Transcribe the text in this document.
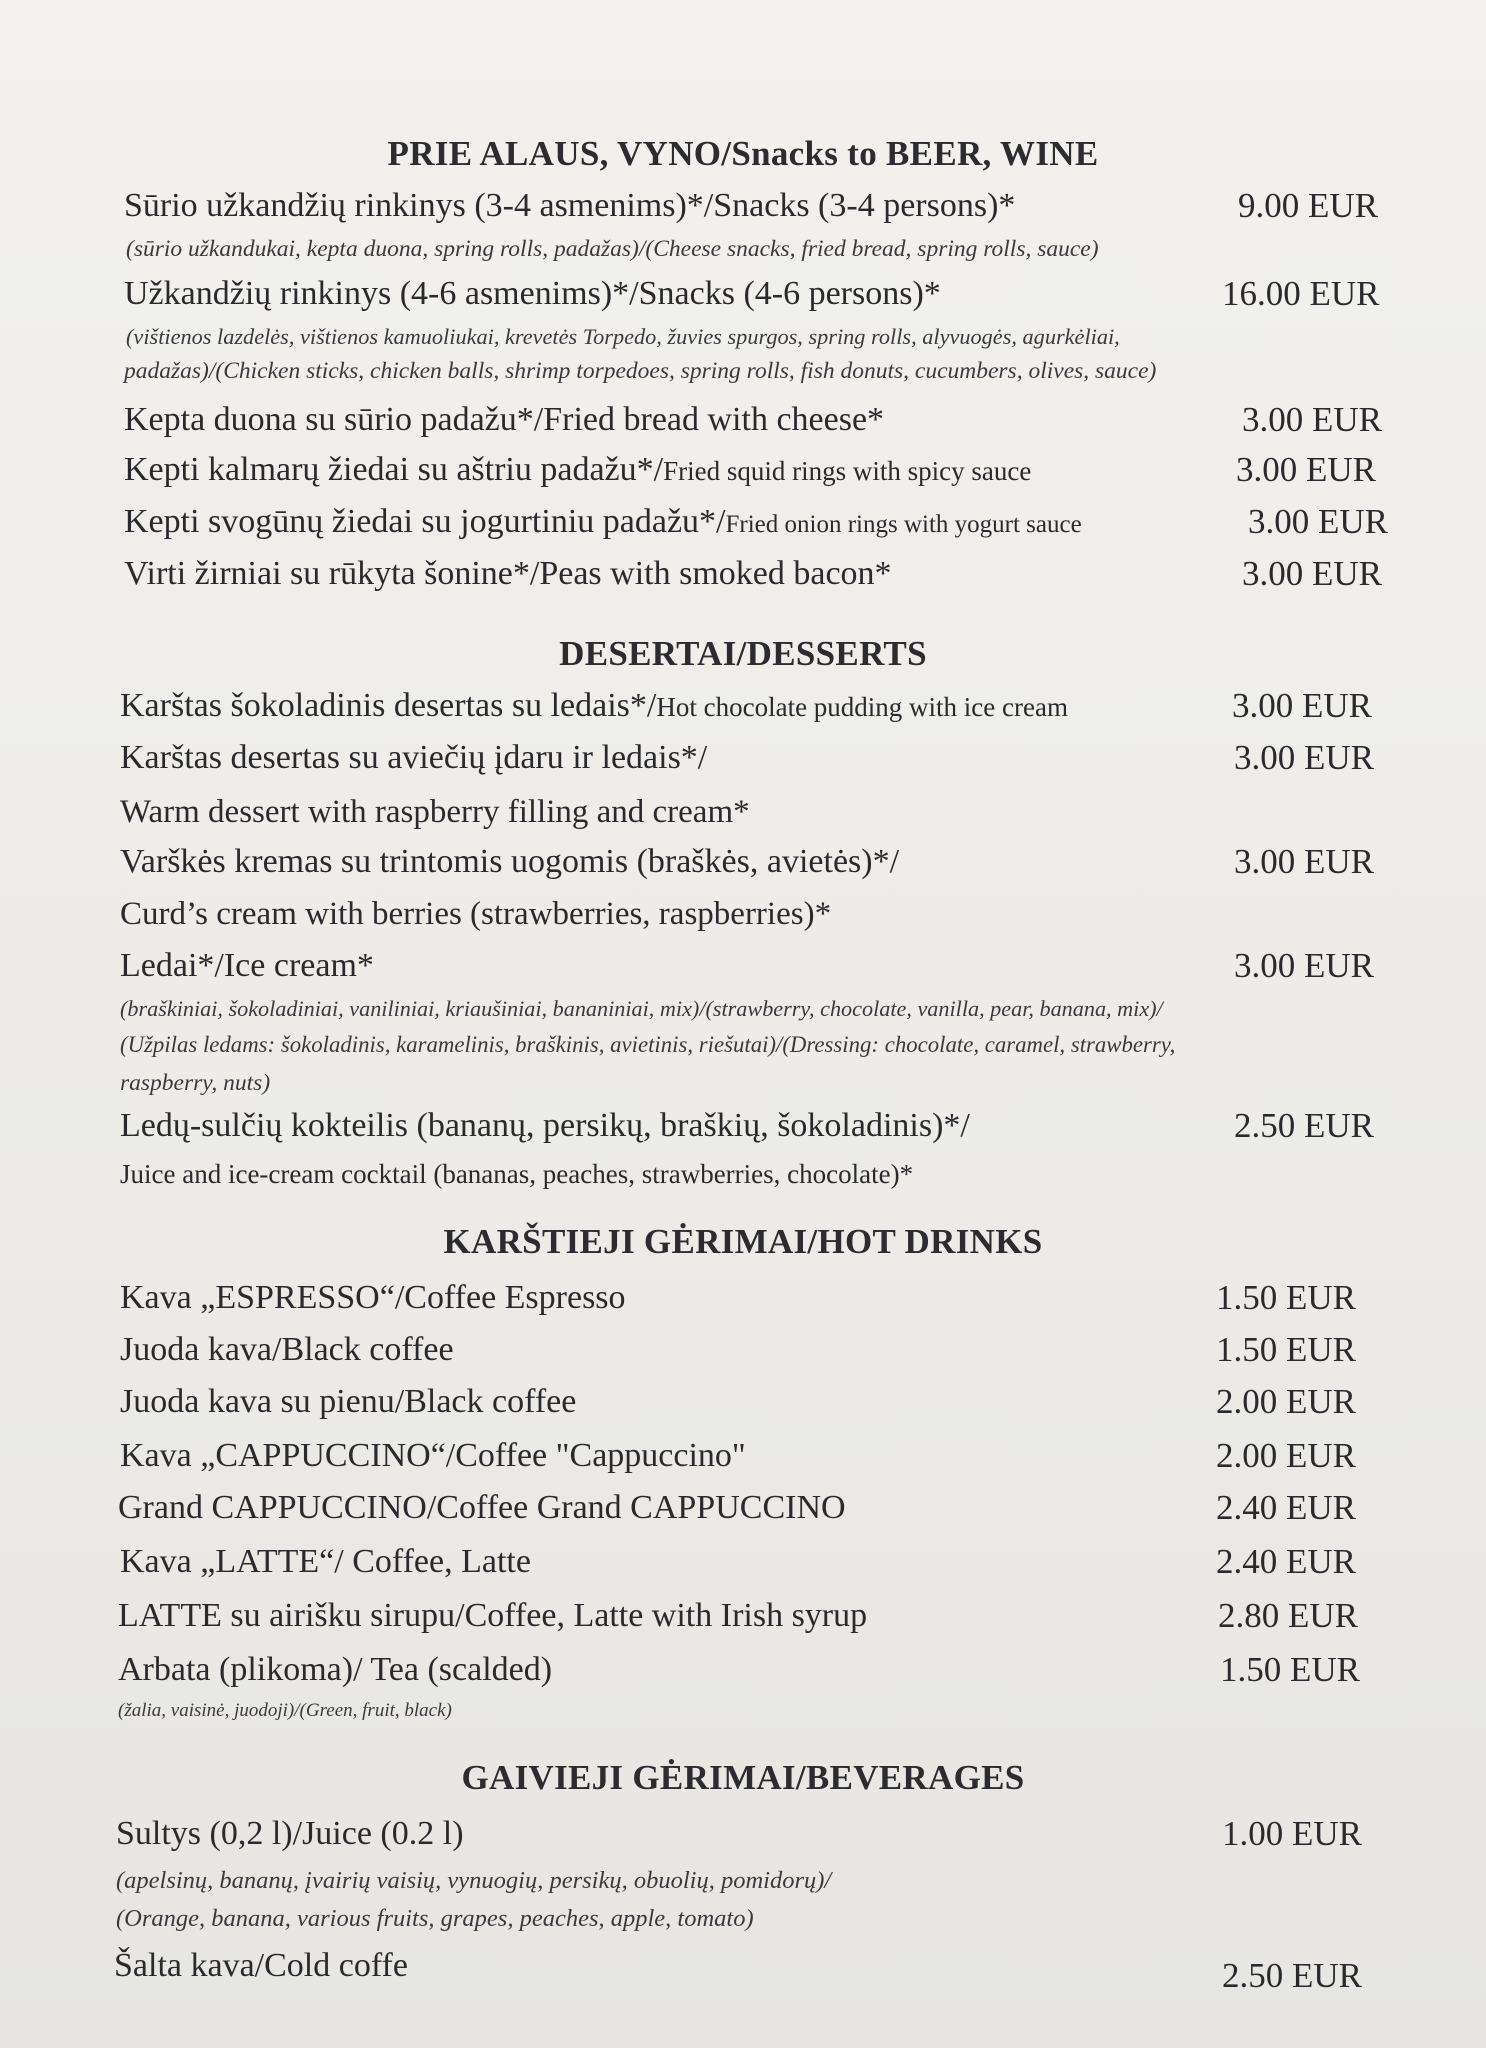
PRIE ALAUS, VYNO/Snacks to BEER, WINE
Sūrio užkandžių rinkinys (3-4 asmenims)*/Snacks (3-4 persons)*	9.00 EUR
(sūrio užkandukai, kepta duona, spring rolls, padažas)/(Cheese snacks, fried bread, spring rolls, sauce)
Užkandžių rinkinys (4-6 asmenims)*/Snacks (4-6 persons)*	16.00 EUR
(vištienos lazdelės, vištienos kamuoliukai, krevetės Torpedo, žuvies spurgos, spring rolls, alyvuogės, agurkėliai,
padažas)/(Chicken sticks, chicken balls, shrimp torpedoes, spring rolls, fish donuts, cucumbers, olives, sauce)
Kepta duona su sūrio padažu*/Fried bread with cheese*	3.00 EUR
Kepti kalmarų žiedai su aštriu padažu*/Fried squid rings with spicy sauce	3.00 EUR
Kepti svogūnų žiedai su jogurtiniu padažu*/Fried onion rings with yogurt sauce	3.00 EUR
Virti žirniai su rūkyta šonine*/Peas with smoked bacon*	3.00 EUR
DESERTAI/DESSERTS
Karštas šokoladinis desertas su ledais*/Hot chocolate pudding with ice cream	3.00 EUR
Karštas desertas su aviečių įdaru ir ledais*/	3.00 EUR
Warm dessert with raspberry filling and cream*
Varškės kremas su trintomis uogomis (braškės, avietės)*/	3.00 EUR
Curd’s cream with berries (strawberries, raspberries)*
Ledai*/Ice cream*	3.00 EUR
(braškiniai, šokoladiniai, vaniliniai, kriaušiniai, bananiniai, mix)/(strawberry, chocolate, vanilla, pear, banana, mix)/
(Užpilas ledams: šokoladinis, karamelinis, braškinis, avietinis, riešutai)/(Dressing: chocolate, caramel, strawberry,
raspberry, nuts)
Ledų-sulčių kokteilis (bananų, persikų, braškių, šokoladinis)*/	2.50 EUR
Juice and ice-cream cocktail (bananas, peaches, strawberries, chocolate)*
KARŠTIEJI GĖRIMAI/HOT DRINKS
Kava „ESPRESSO“/Coffee Espresso	1.50 EUR
Juoda kava/Black coffee	1.50 EUR
Juoda kava su pienu/Black coffee	2.00 EUR
Kava „CAPPUCCINO“/Coffee "Cappuccino"	2.00 EUR
Grand CAPPUCCINO/Coffee Grand CAPPUCCINO	2.40 EUR
Kava „LATTE“/ Coffee, Latte	2.40 EUR
LATTE su airišku sirupu/Coffee, Latte with Irish syrup	2.80 EUR
Arbata (plikoma)/ Tea (scalded)	1.50 EUR
(žalia, vaisinė, juodoji)/(Green, fruit, black)
GAIVIEJI GĖRIMAI/BEVERAGES
Sultys (0,2 l)/Juice (0.2 l)	1.00 EUR
(apelsinų, bananų, įvairių vaisių, vynuogių, persikų, obuolių, pomidorų)/
(Orange, banana, various fruits, grapes, peaches, apple, tomato)
Šalta kava/Cold coffe	2.50 EUR
